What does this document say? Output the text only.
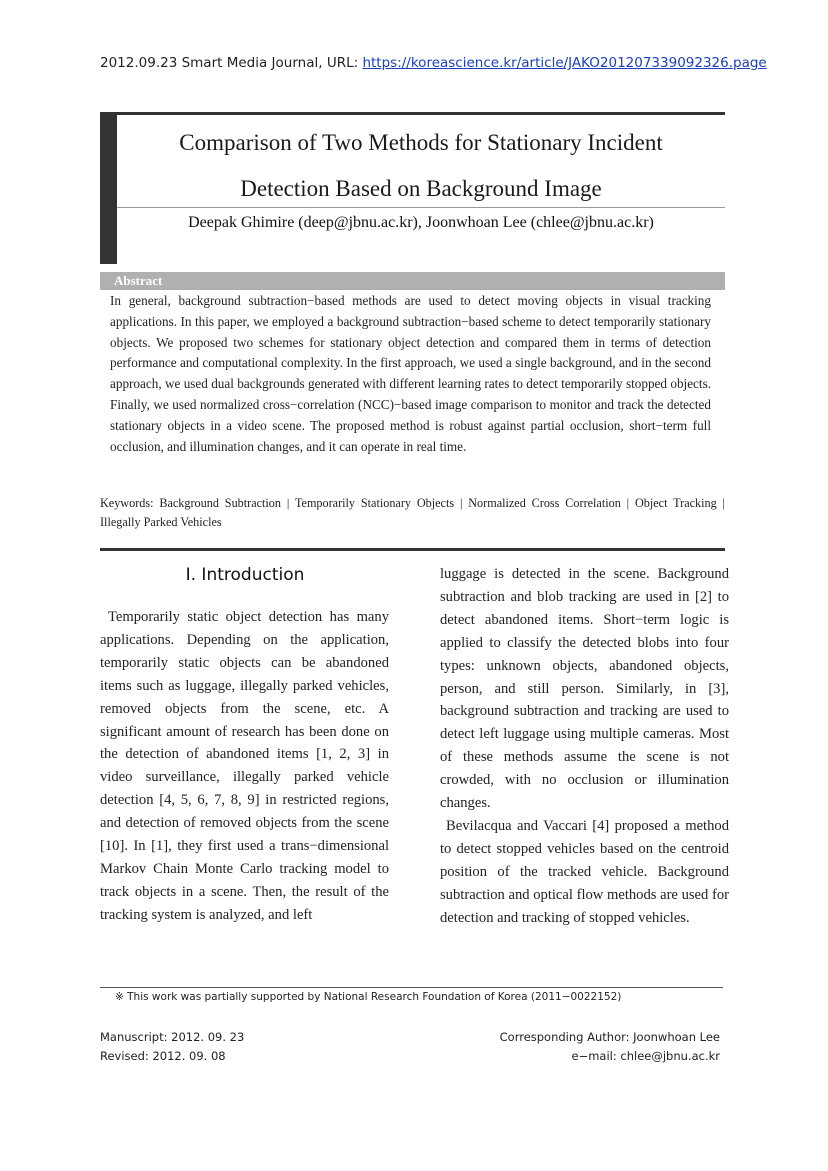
2012.09.23 Smart Media Journal, URL: https://koreascience.kr/article/JAKO201207339092326.page
Comparison of Two Methods for Stationary Incident
Detection Based on Background Image
Deepak Ghimire (deep@jbnu.ac.kr), Joonwhoan Lee (chlee@jbnu.ac.kr)
Abstract
In general, background subtraction−based methods are used to detect moving objects in visual tracking applications. In this paper, we employed a background subtraction−based scheme to detect temporarily stationary objects. We proposed two schemes for stationary object detection and compared them in terms of detection performance and computational complexity. In the first approach, we used a single background, and in the second approach, we used dual backgrounds generated with different learning rates to detect temporarily stopped objects. Finally, we used normalized cross−correlation (NCC)−based image comparison to monitor and track the detected stationary objects in a video scene. The proposed method is robust against partial occlusion, short−term full occlusion, and illumination changes, and it can operate in real time.
Keywords: Background Subtraction | Temporarily Stationary Objects | Normalized Cross Correlation | Object Tracking | Illegally Parked Vehicles
I. Introduction
Temporarily static object detection has many applications. Depending on the application, temporarily static objects can be abandoned items such as luggage, illegally parked vehicles, removed objects from the scene, etc. A significant amount of research has been done on the detection of abandoned items [1, 2, 3] in video surveillance, illegally parked vehicle detection [4, 5, 6, 7, 8, 9] in restricted regions, and detection of removed objects from the scene [10]. In [1], they first used a trans−dimensional Markov Chain Monte Carlo tracking model to track objects in a scene. Then, the result of the tracking system is analyzed, and left
luggage is detected in the scene. Background subtraction and blob tracking are used in [2] to detect abandoned items. Short−term logic is applied to classify the detected blobs into four types: unknown objects, abandoned objects, person, and still person. Similarly, in [3], background subtraction and tracking are used to detect left luggage using multiple cameras. Most of these methods assume the scene is not crowded, with no occlusion or illumination changes.
Bevilacqua and Vaccari [4] proposed a method to detect stopped vehicles based on the centroid position of the tracked vehicle. Background subtraction and optical flow methods are used for detection and tracking of stopped vehicles.
※ This work was partially supported by National Research Foundation of Korea (2011−0022152)
Manuscript: 2012. 09. 23
Revised: 2012. 09. 08
Corresponding Author: Joonwhoan Lee
e−mail: chlee@jbnu.ac.kr
